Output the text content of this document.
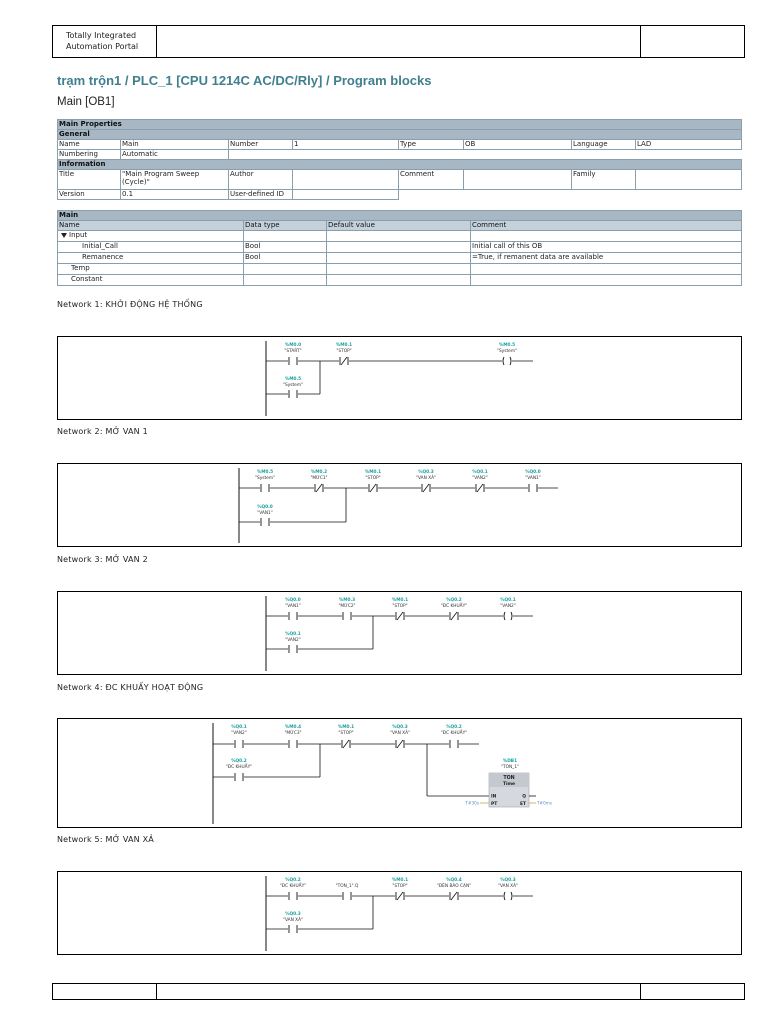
Totally Integrated
Automation Portal
trạm trộn1 / PLC_1 [CPU 1214C AC/DC/Rly] / Program blocks
Main [OB1]
Main Properties							
General							
Name	Main	Number	1	Type	OB	Language	LAD
Numbering	Automatic						
Information							
Title	"Main Program Sweep (Cycle)"	Author		Comment		Family	
Version	0.1	User-defined ID					
Main			
Name	Data type	Default value	Comment
Input			
Initial_Call	Bool		Initial call of this OB
Remanence	Bool		=True, if remanent data are available
Temp			
Constant			
Network 1: KHỞI ĐỘNG HỆ THỐNG
%M0.0
"START"
%M0.1
"STOP"
%M0.5
"System"
%M0.5
"System"
Network 2: MỞ VAN 1
%M0.5
"System"
%M0.2
"MỨC1"
%M0.1
"STOP"
%Q0.3
"VAN XẢ"
%Q0.1
"VAN2"
%Q0.0
"VAN1"
%Q0.0
"VAN1"
Network 3: MỞ VAN 2
%Q0.0
"VAN1"
%M0.3
"MỨC2"
%M0.1
"STOP"
%Q0.2
"ĐC KHUẤY"
%Q0.1
"VAN2"
%Q0.1
"VAN2"
Network 4: ĐC KHUẤY HOẠT ĐỘNG
%Q0.1
"VAN2"
%M0.4
"MỨC3"
%M0.1
"STOP"
%Q0.3
"VAN XẢ"
%Q0.2
"ĐC KHUẤY"
%Q0.2
"ĐC KHUẤY"
%DB1
"TON_1"
TON
Time
IN	Q
PT	ET
T#30s	T#0ms
Network 5: MỞ VAN XẢ
%Q0.2
"ĐC KHUẤY"	"TON_1".Q
%M0.1
"STOP"
%Q0.4
"ĐÈN BÁO CẠN"
%Q0.3
"VAN XẢ"
%Q0.3
"VAN XẢ"
